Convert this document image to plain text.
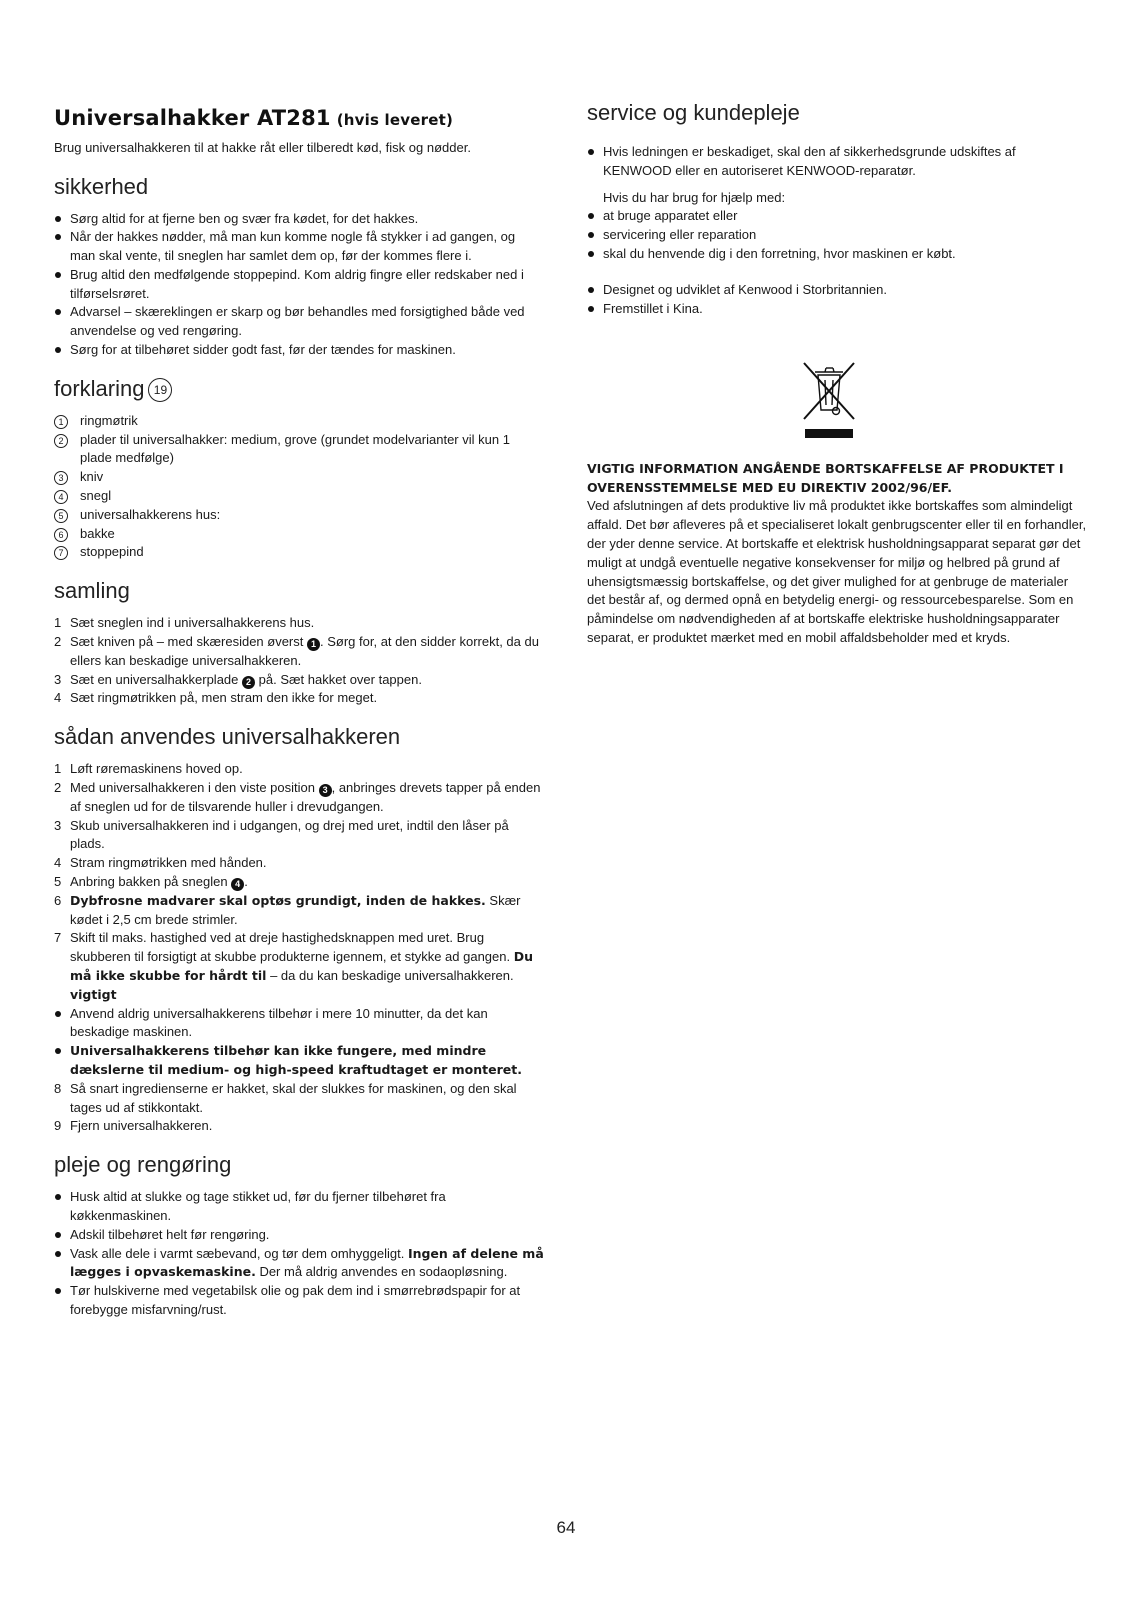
Universalhakker AT281 (hvis leveret)

Brug universalhakkeren til at hakke råt eller tilberedt kød, fisk og nødder.

sikkerhed
Sørg altid for at fjerne ben og svær fra kødet, for det hakkes.
Når der hakkes nødder, må man kun komme nogle få stykker i ad gangen, og man skal vente, til sneglen har samlet dem op, før der kommes flere i.
Brug altid den medfølgende stoppepind. Kom aldrig fingre eller redskaber ned i tilførselsrøret.
Advarsel – skæreklingen er skarp og bør behandles med forsigtighed både ved anvendelse og ved rengøring.
Sørg for at tilbehøret sidder godt fast, før der tændes for maskinen.
forklaring 19
1	ringmøtrik
2	plader til universalhakker: medium, grove (grundet modelvarianter vil kun 1 plade medfølge)
3	kniv
4	snegl
5	universalhakkerens hus:
6	bakke
7	stoppepind
samling
1 Sæt sneglen ind i universalhakkerens hus.
2 Sæt kniven på – med skæresiden øverst 1 . Sørg for, at den sidder korrekt, da du ellers kan beskadige universalhakkeren.
3 Sæt en universalhakkerplade 2 på. Sæt hakket over tappen.
4 Sæt ringmøtrikken på, men stram den ikke for meget.
sådan anvendes universalhakkeren
1 Løft røremaskinens hoved op.
2 Med universalhakkeren i den viste position 3 , anbringes drevets tapper på enden af sneglen ud for de tilsvarende huller i drevudgangen.
3 Skub universalhakkeren ind i udgangen, og drej med uret, indtil den låser på plads.
4 Stram ringmøtrikken med hånden.
5 Anbring bakken på sneglen 4 .
6 Dybfrosne madvarer skal optøs grundigt, inden de hakkes. Skær kødet i 2,5 cm brede strimler.
7 Skift til maks. hastighed ved at dreje hastighedsknappen med uret. Brug skubberen til forsigtigt at skubbe produkterne igennem, et stykke ad gangen. Du må ikke skubbe for hårdt til – da du kan beskadige universalhakkeren.
vigtigt
Anvend aldrig universalhakkerens tilbehør i mere 10 minutter, da det kan beskadige maskinen.
Universalhakkerens tilbehør kan ikke fungere, med mindre dækslerne til medium- og high-speed kraftudtaget er monteret.
8 Så snart ingredienserne er hakket, skal der slukkes for maskinen, og den skal tages ud af stikkontakt.
9 Fjern universalhakkeren.
pleje og rengøring
Husk altid at slukke og tage stikket ud, før du fjerner tilbehøret fra køkkenmaskinen.
Adskil tilbehøret helt før rengøring.
Vask alle dele i varmt sæbevand, og tør dem omhyggeligt. Ingen af delene må lægges i opvaskemaskine. Der må aldrig anvendes en sodaopløsning.
Tør hulskiverne med vegetabilsk olie og pak dem ind i smørrebrødspapir for at forebygge misfarvning/rust.
service og kundepleje
Hvis ledningen er beskadiget, skal den af sikkerhedsgrunde udskiftes af KENWOOD eller en autoriseret KENWOOD-reparatør.

Hvis du har brug for hjælp med:

at bruge apparatet eller
servicering eller reparation
skal du henvende dig i den forretning, hvor maskinen er købt.
Designet og udviklet af Kenwood i Storbritannien.
Fremstillet i Kina.

VIGTIG INFORMATION ANGÅENDE BORTSKAFFELSE AF PRODUKTET I OVERENSSTEMMELSE MED EU DIREKTIV 2002/96/EF.

Ved afslutningen af dets produktive liv må produktet ikke bortskaffes som almindeligt affald. Det bør afleveres på et specialiseret lokalt genbrugscenter eller til en forhandler, der yder denne service. At bortskaffe et elektrisk husholdningsapparat separat gør det muligt at undgå eventuelle negative konsekvenser for miljø og helbred på grund af uhensigtsmæssig bortskaffelse, og det giver mulighed for at genbruge de materialer det består af, og dermed opnå en betydelig energi- og ressourcebesparelse. Som en påmindelse om nødvendigheden af at bortskaffe elektriske husholdningsapparater separat, er produktet mærket med en mobil affaldsbeholder med et kryds.

64
